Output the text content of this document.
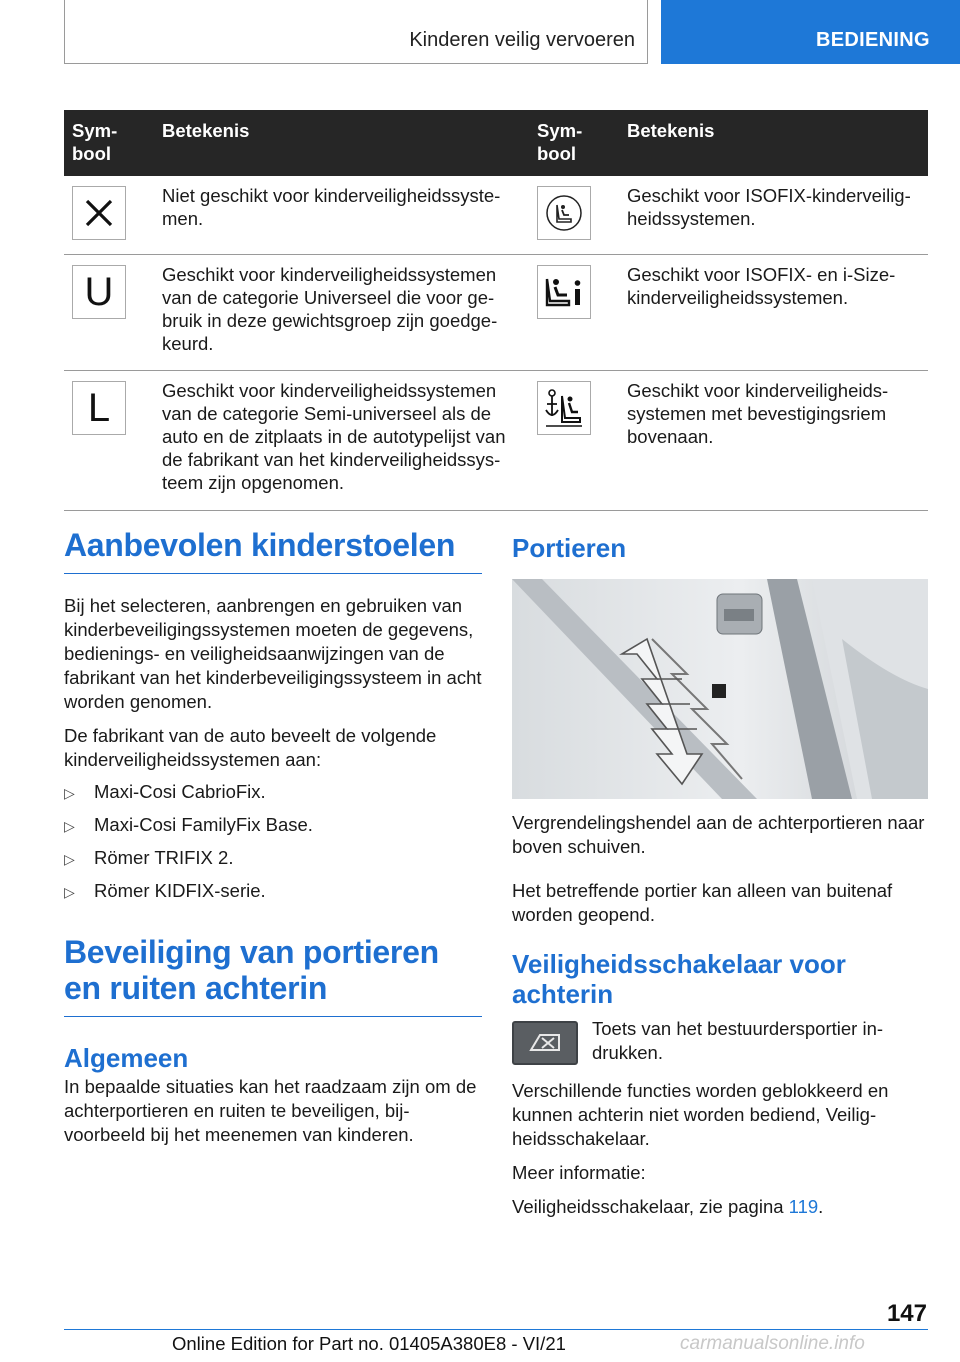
Kinderen veilig vervoeren	BEDIENING
Sym-
bool	Betekenis	Sym-
bool	Betekenis

	Niet geschikt voor kinderveiligheidssyste-
men.		Geschikt voor ISOFIX-kinderveilig-
heidssystemen.

U	Geschikt voor kinderveiligheidssystemen
van de categorie Universeel die voor ge-
bruik in deze gewichtsgroep zijn goedge-
keurd.		Geschikt voor ISOFIX- en i-Size-
kinderveiligheidssystemen.

L	Geschikt voor kinderveiligheidssystemen
van de categorie Semi-universeel als de
auto en de zitplaats in de autotypelijst van
de fabrikant van het kinderveiligheidssys-
teem zijn opgenomen.		Geschikt voor kinderveiligheids-
systemen met bevestigingsriem
bovenaan.
Aanbevolen kinderstoelen

Bij het selecteren, aanbrengen en gebruiken van kinderbeveiligingssystemen moeten de gegevens, bedienings- en veiligheidsaanwijzingen van de fabrikant van het kinderbeveiligingssysteem in acht worden genomen.

De fabrikant van de auto beveelt de volgende kinderveiligheidssystemen aan:

▷	Maxi-Cosi CabrioFix.
▷	Maxi-Cosi FamilyFix Base.
▷	Römer TRIFIX 2.
▷	Römer KIDFIX-serie.
Beveiliging van portieren
en ruiten achterin
Algemeen

In bepaalde situaties kan het raadzaam zijn om de achterportieren en ruiten te beveiligen, bijvoorbeeld bij het meenemen van kinderen.

Portieren

Vergrendelingshendel aan de achterportieren naar boven schuiven.

Het betreffende portier kan alleen van buitenaf worden geopend.

Veiligheidsschakelaar voor
achterin

Toets van het bestuurdersportier indrukken.

Verschillende functies worden geblokkeerd en kunnen achterin niet worden bediend, Veiligheidsschakelaar.

Meer informatie:

Veiligheidsschakelaar, zie pagina 119.

147
Online Edition for Part no. 01405A380E8 - VI/21	carmanualsonline.info
